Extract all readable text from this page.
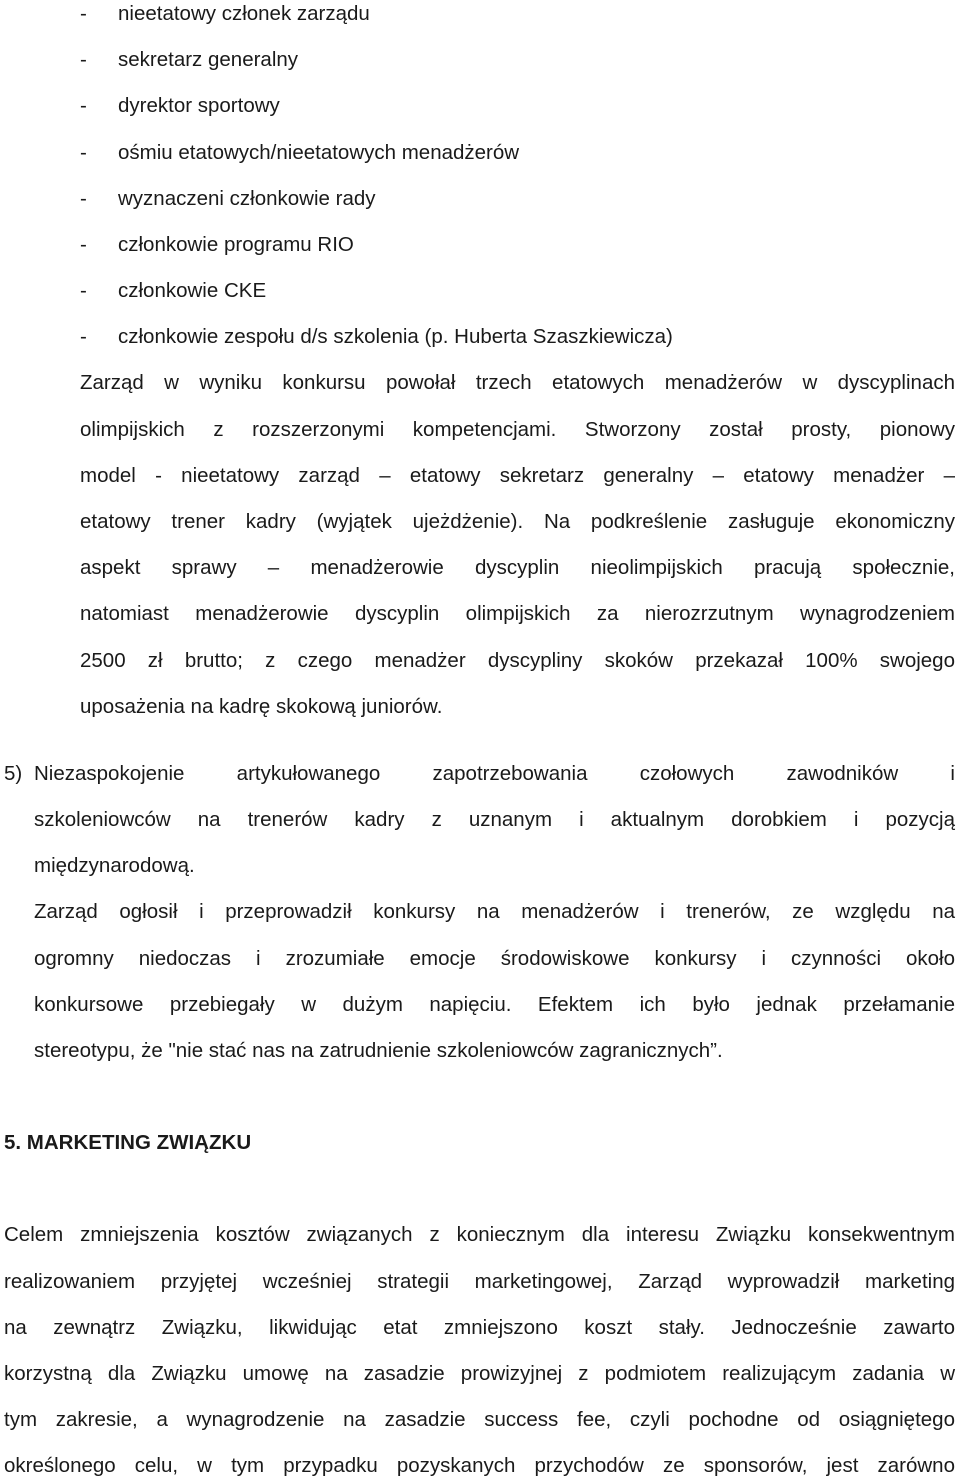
- nieetatowy członek zarządu
- sekretarz generalny
- dyrektor sportowy
- ośmiu etatowych/nieetatowych menadżerów
- wyznaczeni członkowie rady
- członkowie programu RIO
- członkowie CKE
- członkowie zespołu d/s szkolenia (p. Huberta Szaszkiewicza)
Zarząd w wyniku konkursu powołał trzech etatowych menadżerów w dyscyplinach
olimpijskich z rozszerzonymi kompetencjami. Stworzony został prosty, pionowy
model - nieetatowy zarząd – etatowy sekretarz generalny – etatowy menadżer –
etatowy trener kadry (wyjątek ujeżdżenie). Na podkreślenie zasługuje ekonomiczny
aspekt sprawy – menadżerowie dyscyplin nieolimpijskich pracują społecznie,
natomiast menadżerowie dyscyplin olimpijskich za nierozrzutnym wynagrodzeniem
2500 zł brutto; z czego menadżer dyscypliny skoków przekazał 100% swojego
uposażenia na kadrę skokową juniorów.
5) Niezaspokojenie artykułowanego zapotrzebowania czołowych zawodników i
szkoleniowców na trenerów kadry z uznanym i aktualnym dorobkiem i pozycją
międzynarodową.
Zarząd ogłosił i przeprowadził konkursy na menadżerów i trenerów, ze względu na
ogromny niedoczas i zrozumiałe emocje środowiskowe konkursy i czynności około
konkursowe przebiegały w dużym napięciu. Efektem ich było jednak przełamanie
stereotypu, że "nie stać nas na zatrudnienie szkoleniowców zagranicznych”.
5. MARKETING ZWIĄZKU
Celem zmniejszenia kosztów związanych z koniecznym dla interesu Związku konsekwentnym
realizowaniem przyjętej wcześniej strategii marketingowej, Zarząd wyprowadził marketing
na zewnątrz Związku, likwidując etat zmniejszono koszt stały. Jednocześnie zawarto
korzystną dla Związku umowę na zasadzie prowizyjnej z podmiotem realizującym zadania w
tym zakresie, a wynagrodzenie na zasadzie success fee, czyli pochodne od osiągniętego
określonego celu, w tym przypadku pozyskanych przychodów ze sponsorów, jest zarówno
